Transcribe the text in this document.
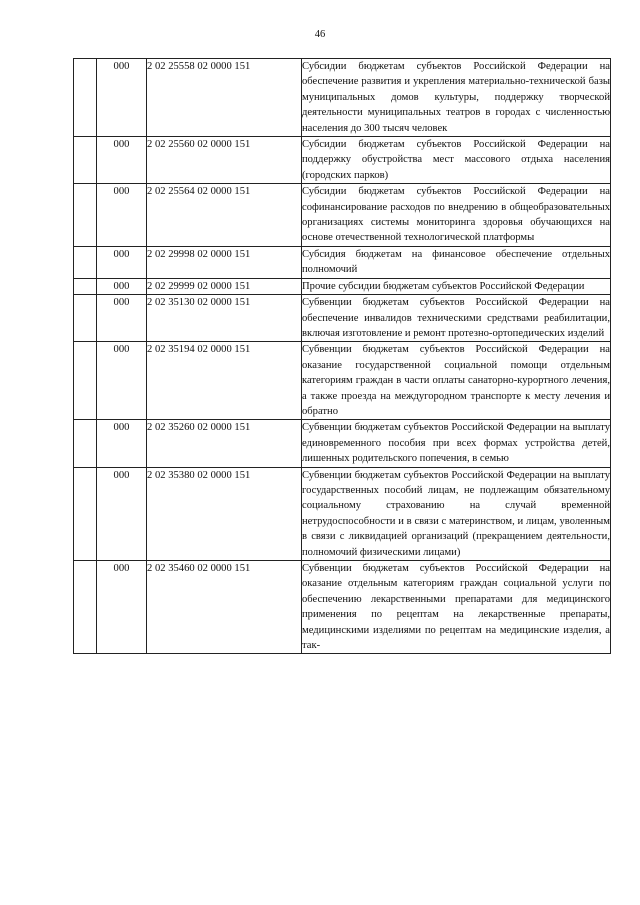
46
	000	2 02 25558 02 0000 151	Субсидии бюджетам субъектов Российской Федерации на обеспечение развития и укрепления материально-технической базы муниципальных домов культуры, поддержку творческой деятельности муниципальных театров в городах с численностью населения до 300 тысяч человек
	000	2 02 25560 02 0000 151	Субсидии бюджетам субъектов Российской Федерации на поддержку обустройства мест массового отдыха населения (городских парков)
	000	2 02 25564 02 0000 151	Субсидии бюджетам субъектов Российской Федерации на софинансирование расходов по внедрению в общеобразовательных организациях системы мониторинга здоровья обучающихся на основе отечественной технологической платформы
	000	2 02 29998 02 0000 151	Субсидия бюджетам на финансовое обеспечение отдельных полномочий
	000	2 02 29999 02 0000 151	Прочие субсидии бюджетам субъектов Российской Федерации
	000	2 02 35130 02 0000 151	Субвенции бюджетам субъектов Российской Федерации на обеспечение инвалидов техническими средствами реабилитации, включая изготовление и ремонт протезно-ортопедических изделий
	000	2 02 35194 02 0000 151	Субвенции бюджетам субъектов Российской Федерации на оказание государственной социальной помощи отдельным категориям граждан в части оплаты санаторно-курортного лечения, а также проезда на междугородном транспорте к месту лечения и обратно
	000	2 02 35260 02 0000 151	Субвенции бюджетам субъектов Российской Федерации на выплату единовременного пособия при всех формах устройства детей, лишенных родительского попечения, в семью
	000	2 02 35380 02 0000 151	Субвенции бюджетам субъектов Российской Федерации на выплату государственных пособий лицам, не подлежащим обязательному социальному страхованию на случай временной нетрудоспособности и в связи с материнством, и лицам, уволенным в связи с ликвидацией организаций (прекращением деятельности, полномочий физическими лицами)
	000	2 02 35460 02 0000 151	Субвенции бюджетам субъектов Российской Федерации на оказание отдельным категориям граждан социальной услуги по обеспечению лекарственными препаратами для медицинского применения по рецептам на лекарственные препараты, медицинскими изделиями по рецептам на медицинские изделия, а так-
